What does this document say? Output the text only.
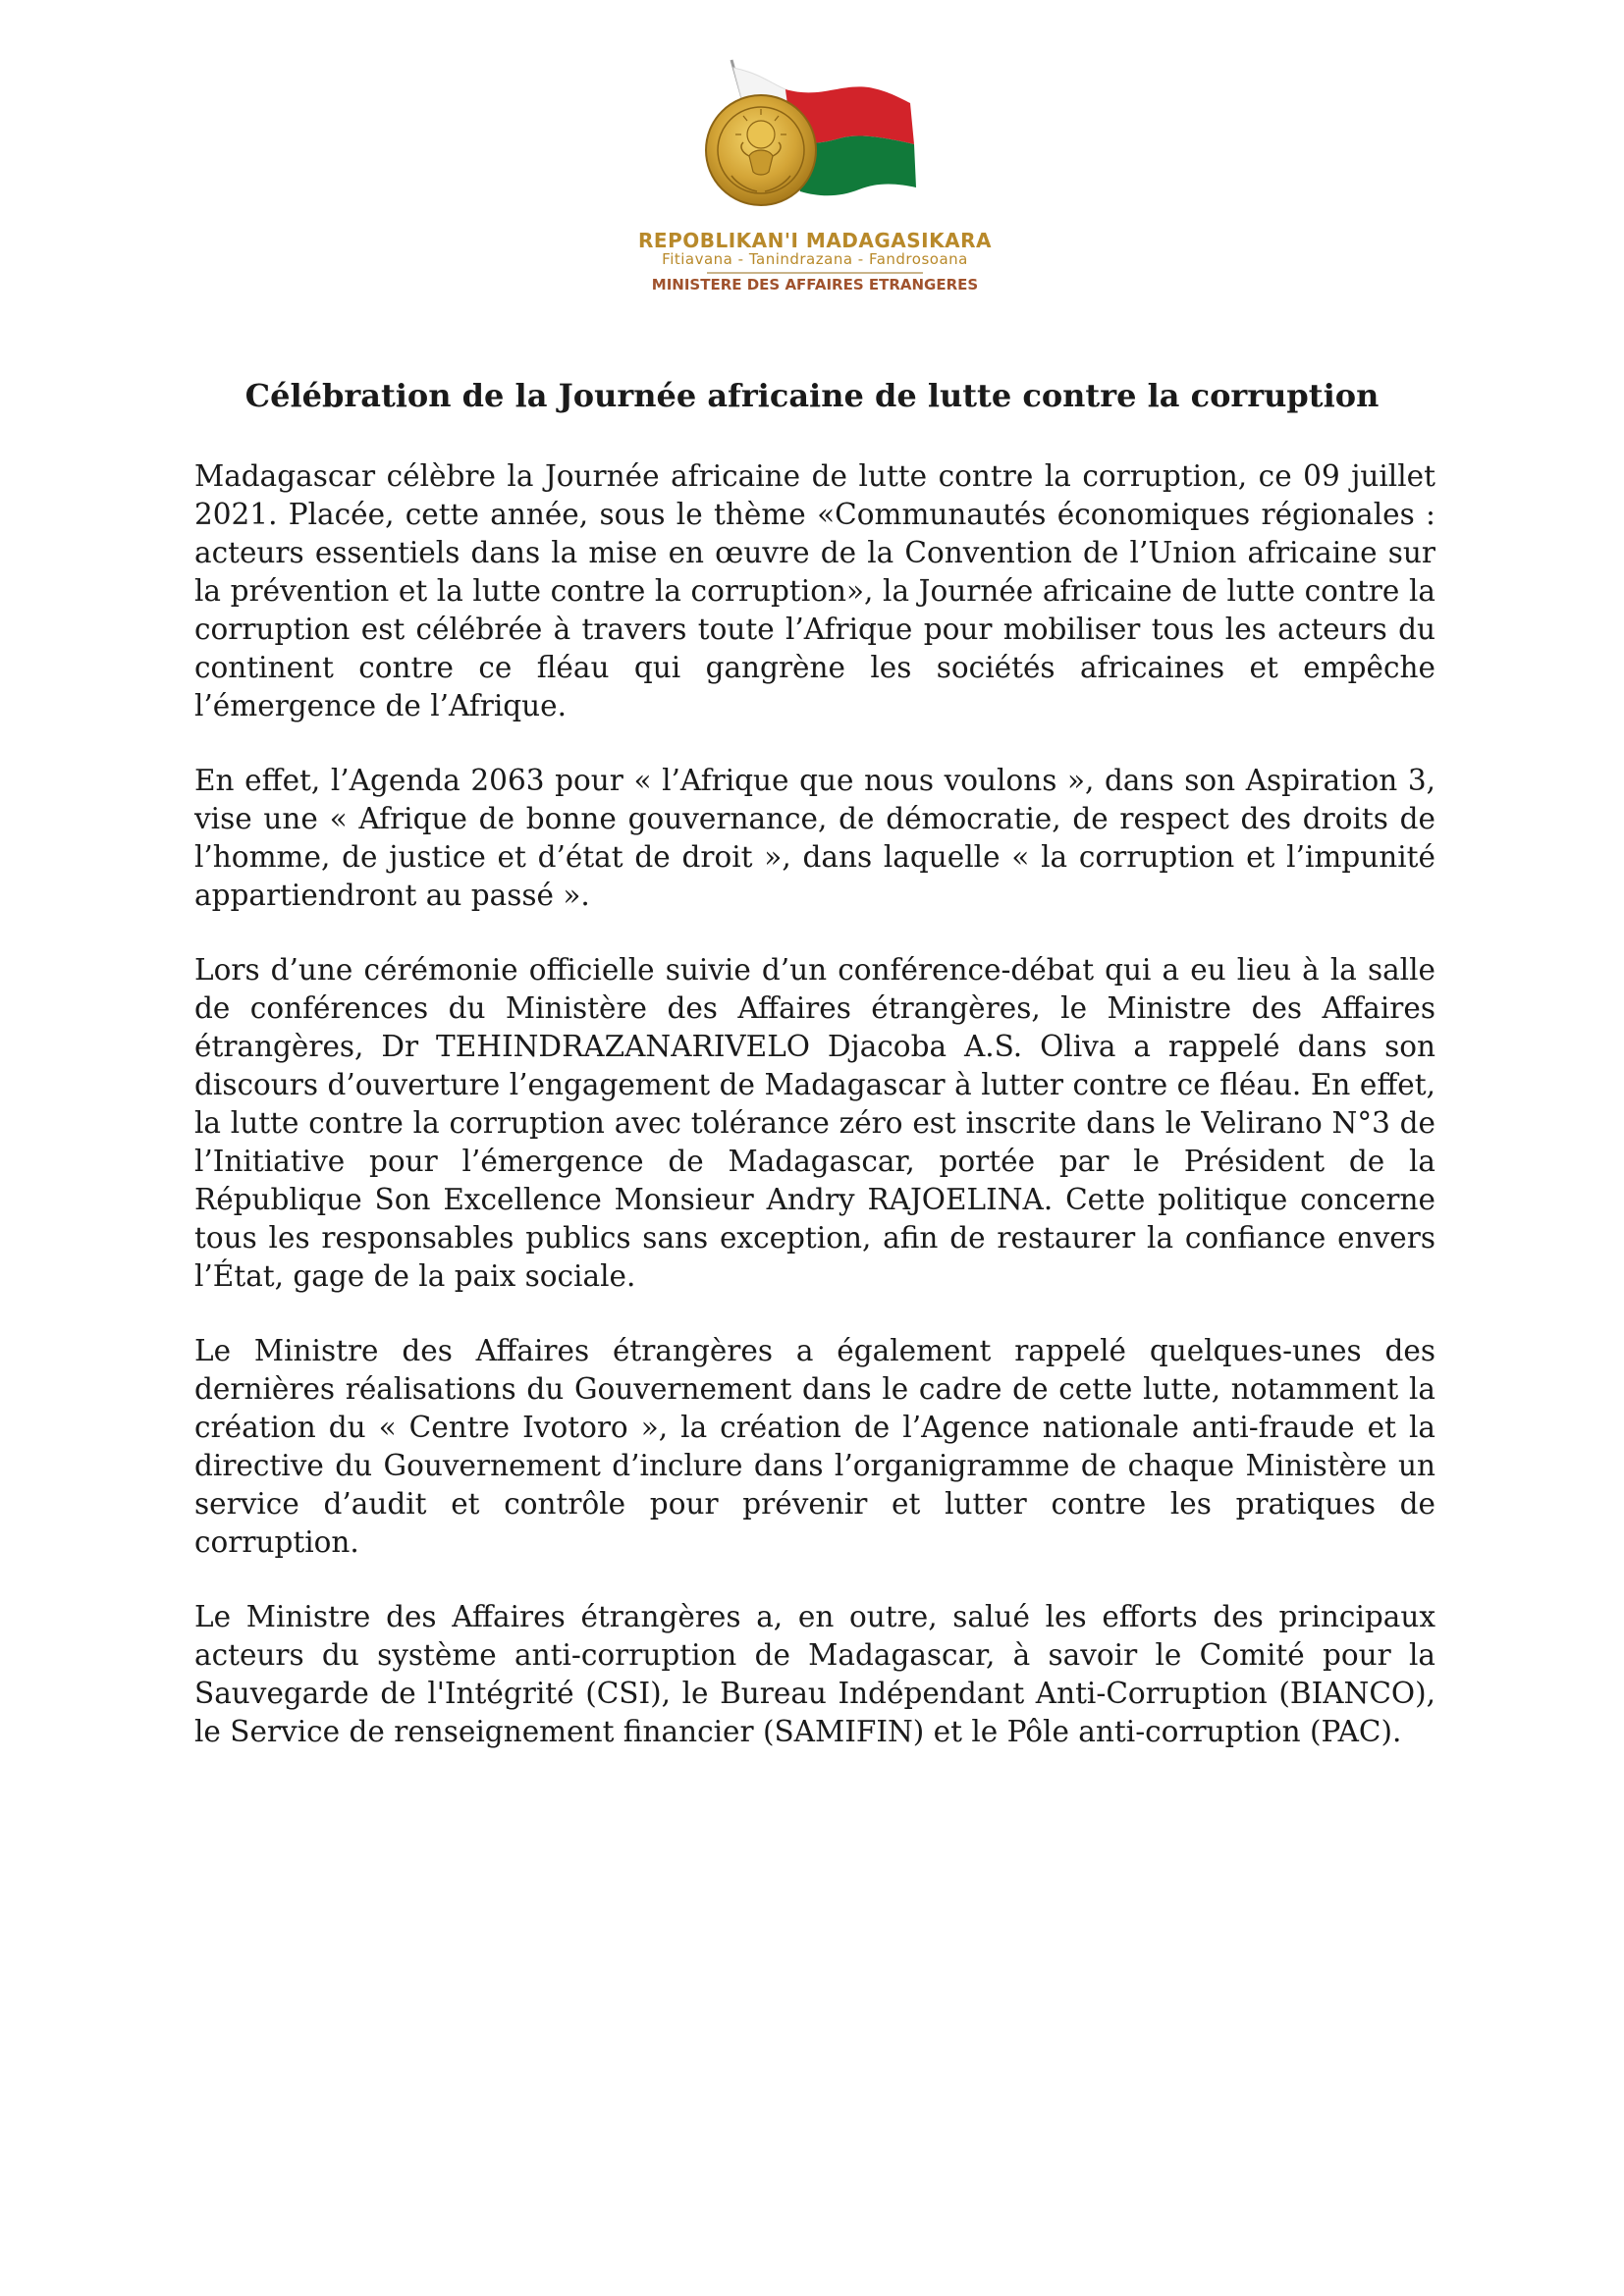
REPOBLIKAN'I MADAGASIKARA
Fitiavana - Tanindrazana - Fandrosoana
MINISTERE DES AFFAIRES ETRANGERES
Célébration de la Journée africaine de lutte contre la corruption

Madagascar célèbre la Journée africaine de lutte contre la corruption, ce 09 juillet 2021. Placée, cette année, sous le thème «Communautés économiques régionales : acteurs essentiels dans la mise en œuvre de la Convention de l’Union africaine sur la prévention et la lutte contre la corruption», la Journée africaine de lutte contre la corruption est célébrée à travers toute l’Afrique pour mobiliser tous les acteurs du continent contre ce fléau qui gangrène les sociétés africaines et empêche l’émergence de l’Afrique.

En effet, l’Agenda 2063 pour « l’Afrique que nous voulons », dans son Aspiration 3, vise une « Afrique de bonne gouvernance, de démocratie, de respect des droits de l’homme, de justice et d’état de droit », dans laquelle « la corruption et l’impunité appartiendront au passé ».

Lors d’une cérémonie officielle suivie d’un conférence-débat qui a eu lieu à la salle de conférences du Ministère des Affaires étrangères, le Ministre des Affaires étrangères, Dr TEHINDRAZANARIVELO Djacoba A.S. Oliva a rappelé dans son discours d’ouverture l’engagement de Madagascar à lutter contre ce fléau. En effet, la lutte contre la corruption avec tolérance zéro est inscrite dans le Velirano N°3 de l’Initiative pour l’émergence de Madagascar, portée par le Président de la République Son Excellence Monsieur Andry RAJOELINA. Cette politique concerne tous les responsables publics sans exception, afin de restaurer la confiance envers l’État, gage de la paix sociale.

Le Ministre des Affaires étrangères a également rappelé quelques-unes des dernières réalisations du Gouvernement dans le cadre de cette lutte, notamment la création du « Centre Ivotoro », la création de l’Agence nationale anti-fraude et la directive du Gouvernement d’inclure dans l’organigramme de chaque Ministère un service d’audit et contrôle pour prévenir et lutter contre les pratiques de corruption.

Le Ministre des Affaires étrangères a, en outre, salué les efforts des principaux acteurs du système anti-corruption de Madagascar, à savoir le Comité pour la Sauvegarde de l'Intégrité (CSI), le Bureau Indépendant Anti-Corruption (BIANCO), le Service de renseignement financier (SAMIFIN) et le Pôle anti-corruption (PAC).
